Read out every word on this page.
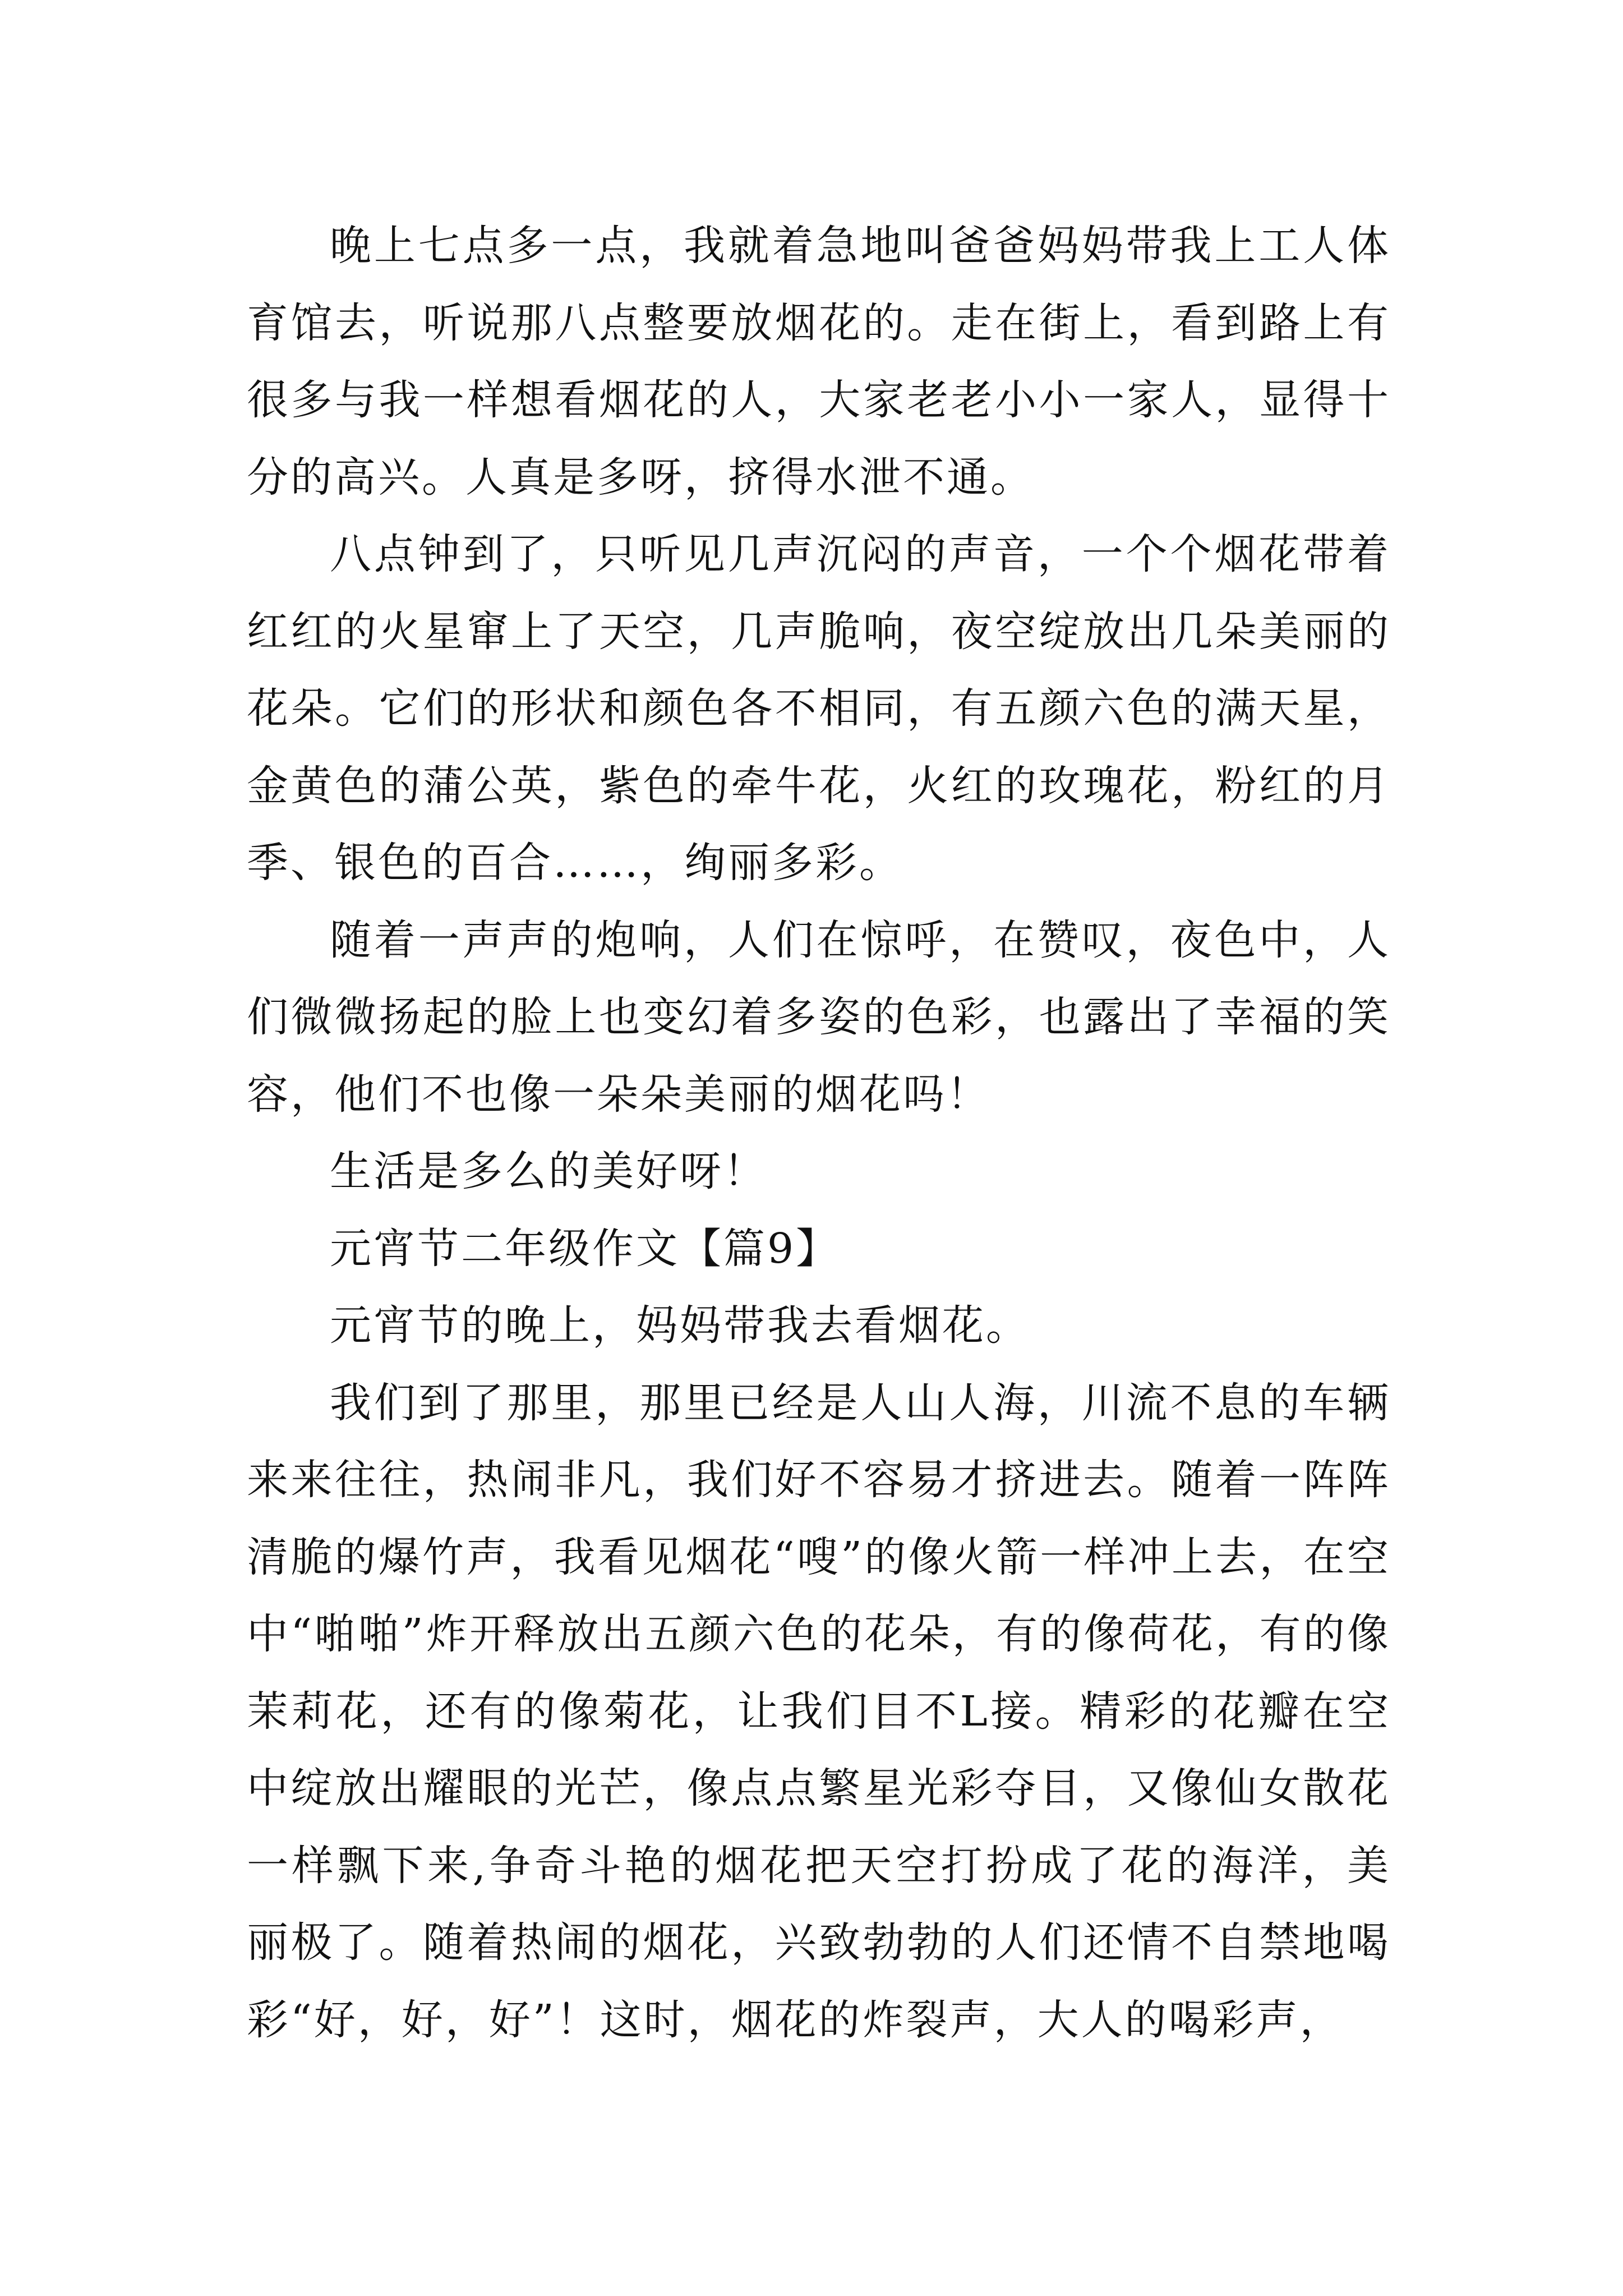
晚上七点多一点，我就着急地叫爸爸妈妈带我上工人体育馆去，听说那八点整要放烟花的。走在街上，看到路上有很多与我一样想看烟花的人，大家老老小小一家人，显得十分的高兴。人真是多呀，挤得水泄不通。

八点钟到了，只听见几声沉闷的声音，一个个烟花带着红红的火星窜上了天空，几声脆响，夜空绽放出几朵美丽的花朵。它们的形状和颜色各不相同，有五颜六色的满天星，金黄色的蒲公英，紫色的牵牛花，火红的玫瑰花，粉红的月季、银色的百合……，绚丽多彩。

随着一声声的炮响，人们在惊呼，在赞叹，夜色中，人们微微扬起的脸上也变幻着多姿的色彩，也露出了幸福的笑容，他们不也像一朵朵美丽的烟花吗！

生活是多么的美好呀！

元宵节二年级作文【篇9】

元宵节的晚上，妈妈带我去看烟花。

我们到了那里，那里已经是人山人海，川流不息的车辆来来往往，热闹非凡，我们好不容易才挤进去。随着一阵阵清脆的爆竹声，我看见烟花“嗖”的像火箭一样冲上去，在空中“啪啪”炸开释放出五颜六色的花朵，有的像荷花，有的像茉莉花，还有的像菊花，让我们目不L接。精彩的花瓣在空中绽放出耀眼的光芒，像点点繁星光彩夺目，又像仙女散花一样飘下来,争奇斗艳的烟花把天空打扮成了花的海洋，美丽极了。随着热闹的烟花，兴致勃勃的人们还情不自禁地喝彩“好，好，好”！这时，烟花的炸裂声，大人的喝彩声，
